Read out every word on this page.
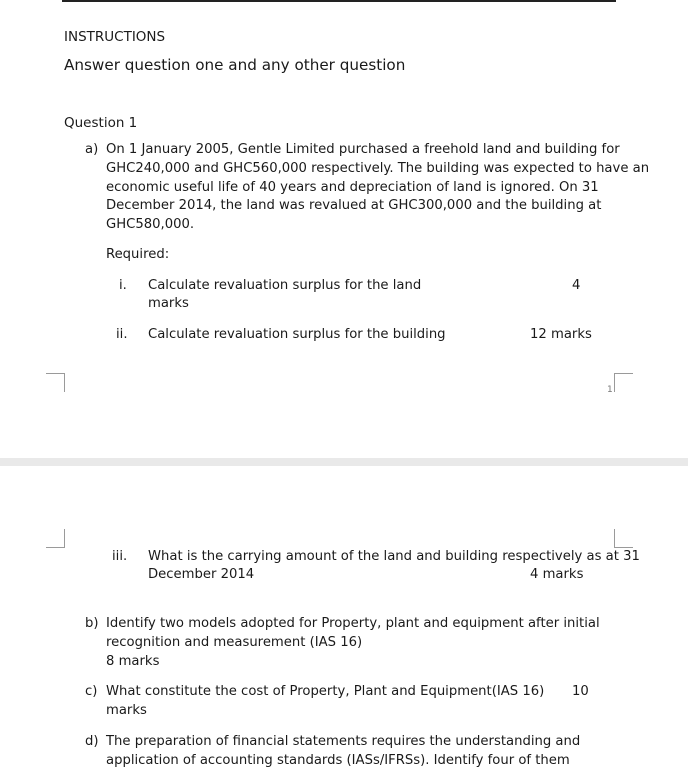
INSTRUCTIONS
Answer question one and any other question
Question 1
a) On 1 January 2005, Gentle Limited purchased a freehold land and building for
GHC240,000 and GHC560,000 respectively. The building was expected to have an
economic useful life of 40 years and depreciation of land is ignored. On 31
December 2014, the land was revalued at GHC300,000 and the building at
GHC580,000.
Required:
i. Calculate revaluation surplus for the land	4
marks
ii. Calculate revaluation surplus for the building	12 marks
1
iii. What is the carrying amount of the land and building respectively as at 31
December 2014	4 marks
b) Identify two models adopted for Property, plant and equipment after initial
recognition and measurement (IAS 16)
8 marks
c) What constitute the cost of Property, Plant and Equipment(IAS 16) 10
marks
d) The preparation of financial statements requires the understanding and
application of accounting standards (IASs/IFRSs). Identify four of them
